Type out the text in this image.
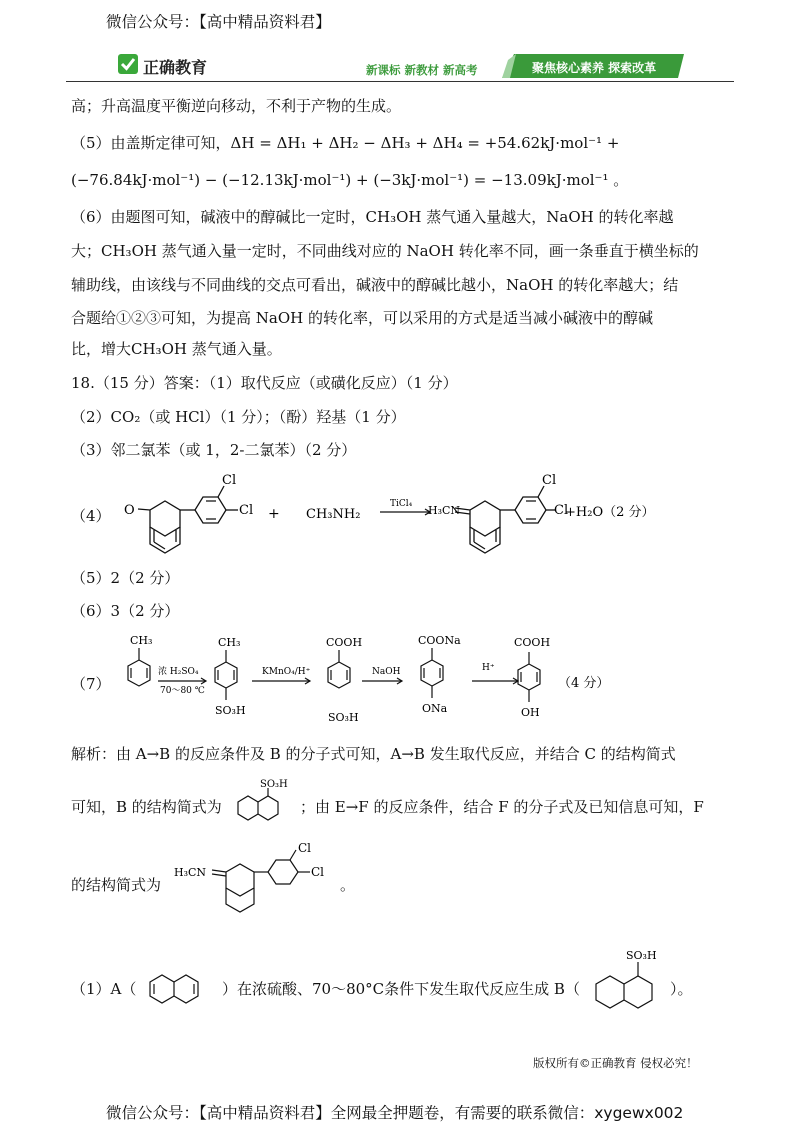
微信公众号：【高中精品资料君】
正确教育	新课标 新教材 新高考	聚焦核心素养 探索改革
高；升高温度平衡逆向移动，不利于产物的生成。
（5）由盖斯定律可知，ΔH = ΔH₁ + ΔH₂ − ΔH₃ + ΔH₄ = +54.62kJ·mol⁻¹ +
(−76.84kJ·mol⁻¹) − (−12.13kJ·mol⁻¹) + (−3kJ·mol⁻¹) = −13.09kJ·mol⁻¹ 。
（6）由题图可知，碱液中的醇碱比一定时，CH₃OH 蒸气通入量越大，NaOH 的转化率越
大；CH₃OH 蒸气通入量一定时，不同曲线对应的 NaOH 转化率不同，画一条垂直于横坐标的
辅助线，由该线与不同曲线的交点可看出，碱液中的醇碱比越小，NaOH 的转化率越大；结
合题给①②③可知，为提高 NaOH 的转化率，可以采用的方式是适当减小碱液中的醇碱
比，增大CH₃OH 蒸气通入量。
18.（15 分）答案：（1）取代反应（或磺化反应）（1 分）
（2）CO₂（或 HCl）（1 分）；（酚）羟基（1 分）
（3）邻二氯苯（或 1，2-二氯苯）（2 分）
（4） O
Cl
Cl + CH₃NH₂
TiCl₄ H₃CN
Cl
Cl
+H₂O（2 分）
（5）2（2 分）
（6）3（2 分）
（7）
CH₃
浓 H₂SO₄
70～80 ℃
CH₃
SO₃H
KMnO₄/H⁺
COOH
SO₃H
NaOH
COONa
ONa
H⁺
COOH
OH
（4 分）
解析：由 A→B 的反应条件及 B 的分子式可知，A→B 发生取代反应，并结合 C 的结构简式
可知，B 的结构简式为
SO₃H
；由 E→F 的反应条件，结合 F 的分子式及已知信息可知，F
的结构简式为
H₃CN
Cl
Cl
。
（1）A（	）在浓硫酸、70～80°C条件下发生取代反应生成 B（
SO₃H
）。
版权所有©正确教育 侵权必究！
微信公众号：【高中精品资料君】全网最全押题卷，有需要的联系微信：xygewx002
